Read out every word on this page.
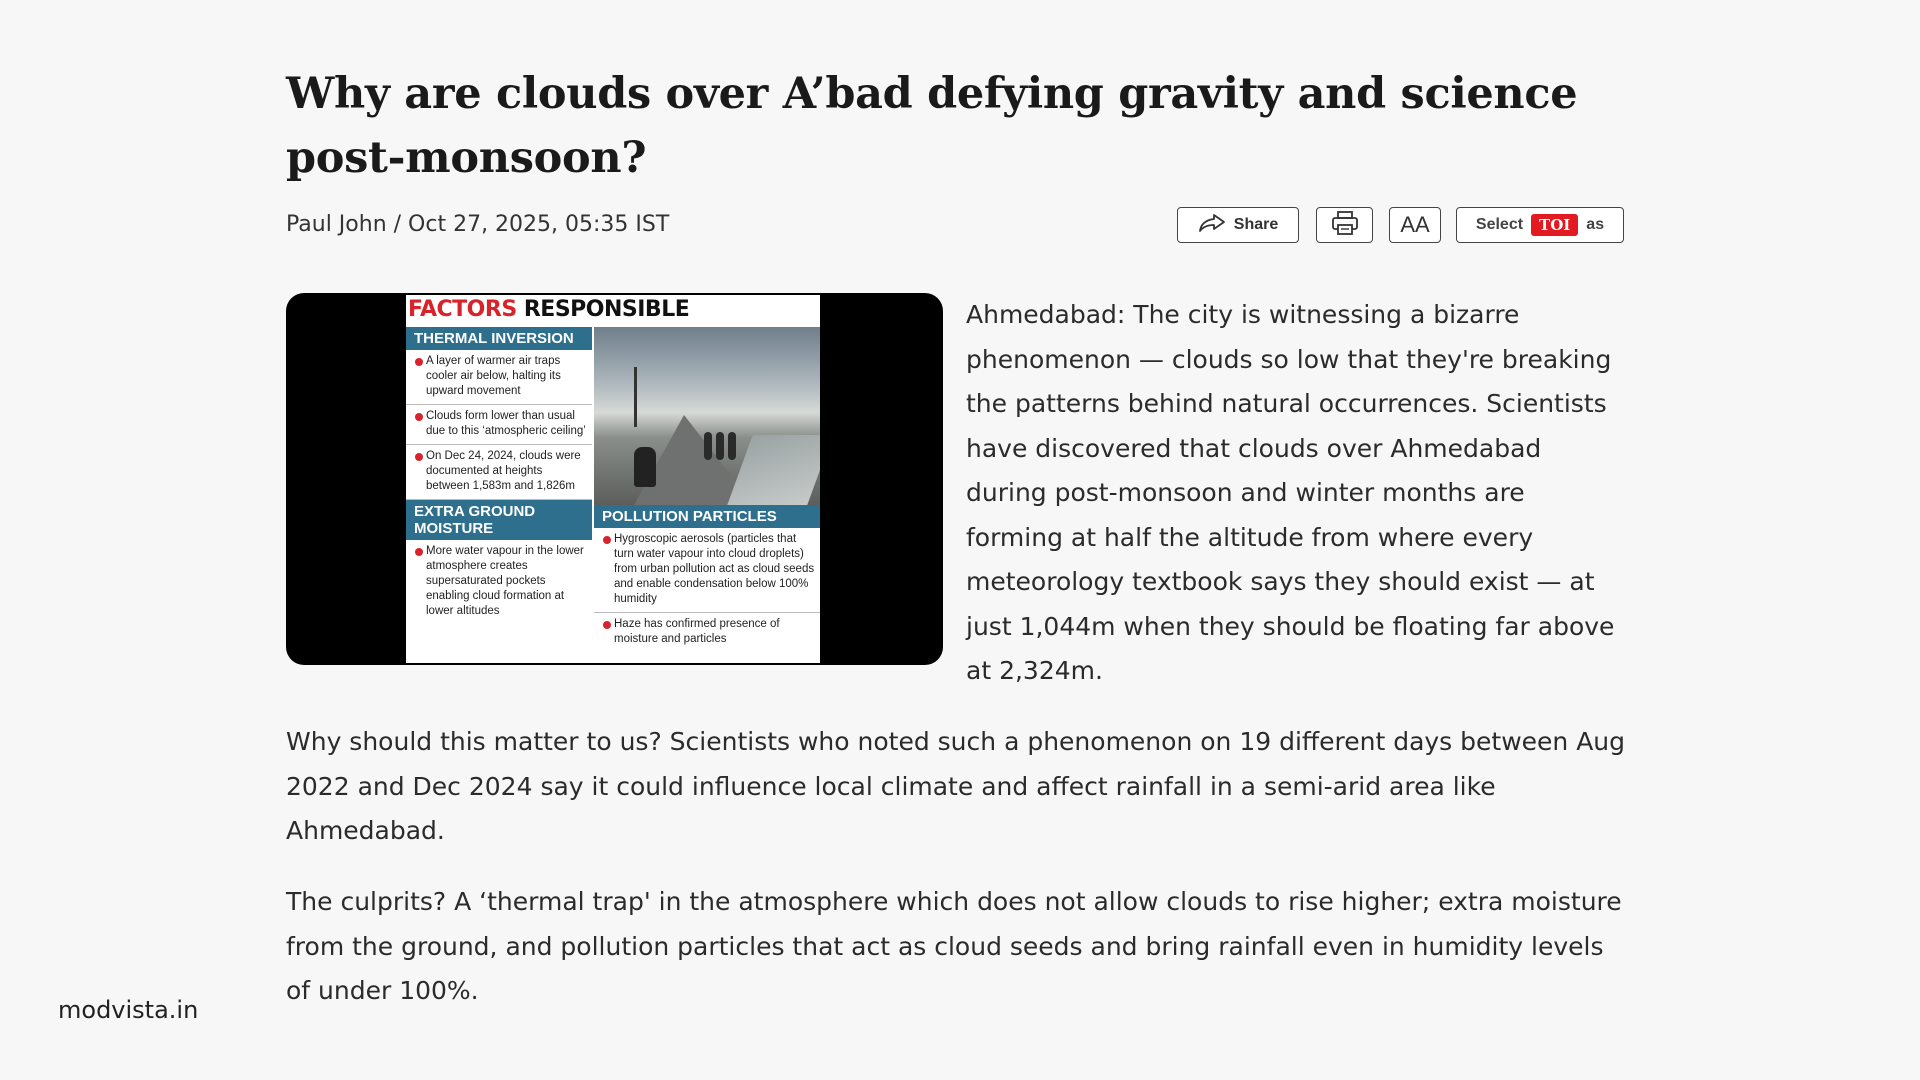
Why are clouds over A’bad defying gravity and science post-monsoon?
Paul John / Oct 27, 2025, 05:35 IST	Share	AA	Select	TOI	as
FACTORS RESPONSIBLE
THERMAL INVERSION
A layer of warmer air traps cooler air below, halting its upward movement
Clouds form lower than usual due to this ‘atmospheric ceiling’
On Dec 24, 2024, clouds were documented at heights between 1,583m and 1,826m
EXTRA GROUND MOISTURE
More water vapour in the lower atmosphere creates supersaturated pockets enabling cloud formation at lower altitudes
POLLUTION PARTICLES
Hygroscopic aerosols (particles that turn water vapour into cloud droplets) from urban pollution act as cloud seeds and enable condensation below 100% humidity
Haze has confirmed presence of moisture and particles

Ahmedabad: The city is witnessing a bizarre phenomenon — clouds so low that they're breaking the patterns behind natural occurrences. Scientists have discovered that clouds over Ahmedabad during post-monsoon and winter months are forming at half the altitude from where every meteorology textbook says they should exist — at just 1,044m when they should be floating far above at 2,324m.

Why should this matter to us? Scientists who noted such a phenomenon on 19 different days between Aug 2022 and Dec 2024 say it could influence local climate and affect rainfall in a semi-arid area like Ahmedabad.

The culprits? A ‘thermal trap' in the atmosphere which does not allow clouds to rise higher; extra moisture from the ground, and pollution particles that act as cloud seeds and bring rainfall even in humidity levels of under 100%.

modvista.in
